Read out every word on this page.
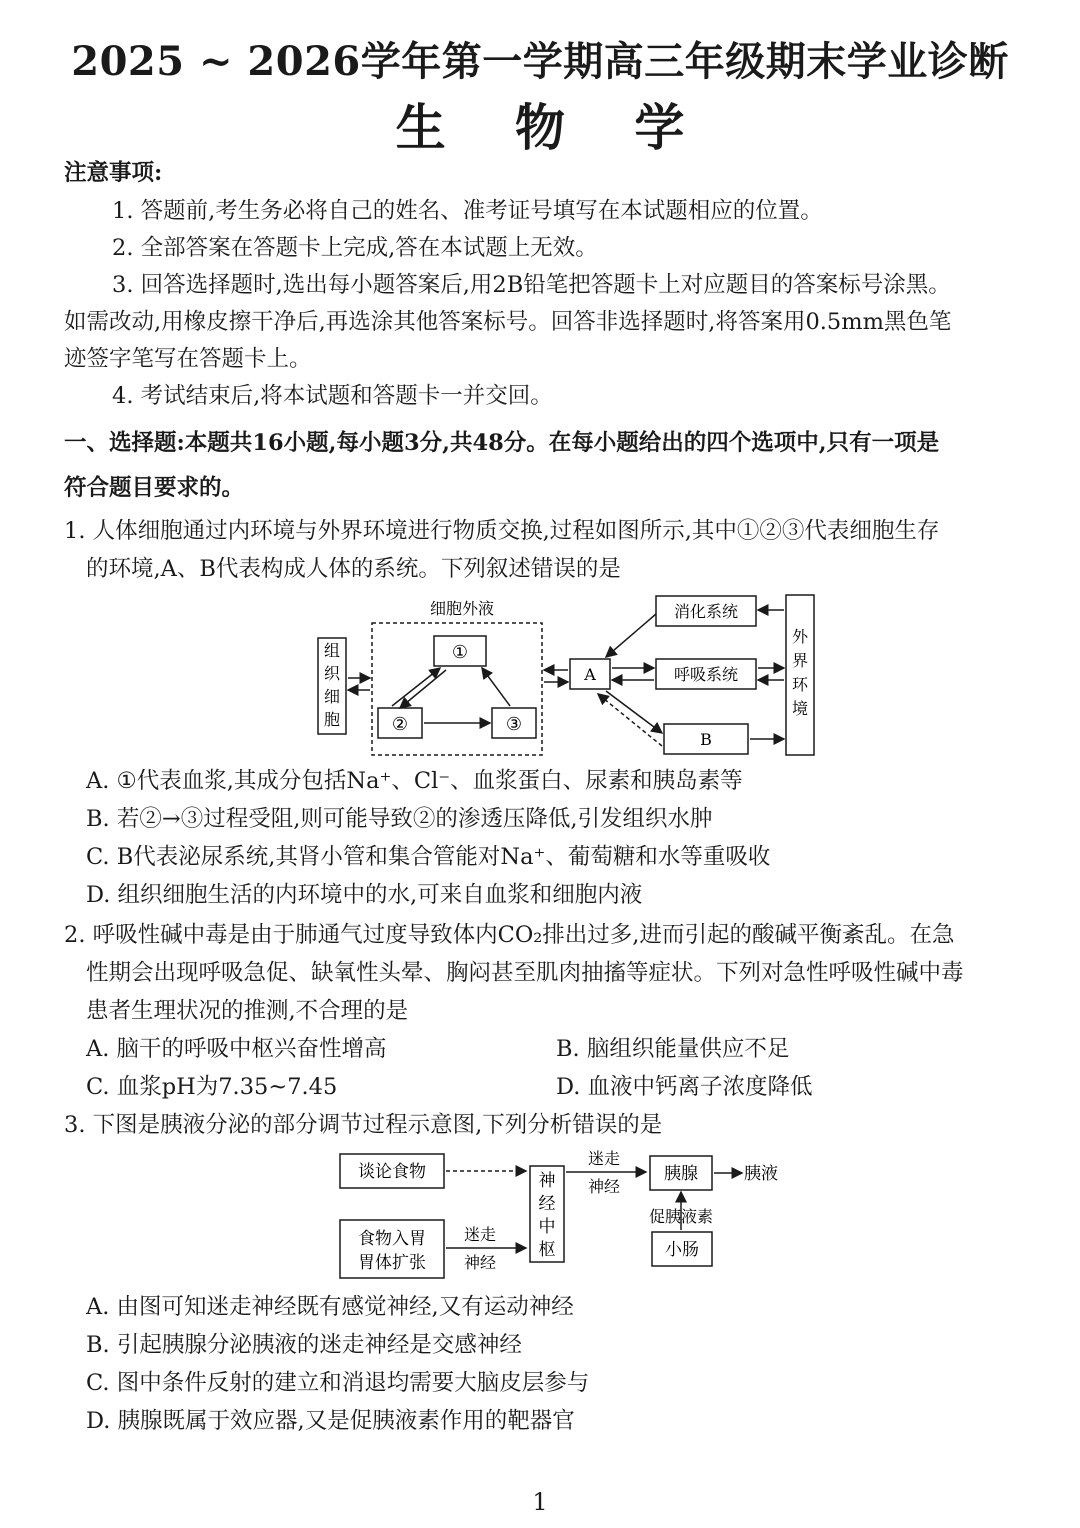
2025 ~ 2026学年第一学期高三年级期末学业诊断
生 物 学
注意事项:
1. 答题前,考生务必将自己的姓名、准考证号填写在本试题相应的位置。
2. 全部答案在答题卡上完成,答在本试题上无效。
3. 回答选择题时,选出每小题答案后,用2B铅笔把答题卡上对应题目的答案标号涂黑。
如需改动,用橡皮擦干净后,再选涂其他答案标号。回答非选择题时,将答案用0.5mm黑色笔
迹签字笔写在答题卡上。
4. 考试结束后,将本试题和答题卡一并交回。
一、选择题:本题共16小题,每小题3分,共48分。在每小题给出的四个选项中,只有一项是
符合题目要求的。
1. 人体细胞通过内环境与外界环境进行物质交换,过程如图所示,其中①②③代表细胞生存
的环境,A、B代表构成人体的系统。下列叙述错误的是
细胞外液
组
织
细
胞
①
②	③
A
消化系统
呼吸系统
B
外
界
环
境
A. ①代表血浆,其成分包括Na⁺、Cl⁻、血浆蛋白、尿素和胰岛素等
B. 若②→③过程受阻,则可能导致②的渗透压降低,引发组织水肿
C. B代表泌尿系统,其肾小管和集合管能对Na⁺、葡萄糖和水等重吸收
D. 组织细胞生活的内环境中的水,可来自血浆和细胞内液
2. 呼吸性碱中毒是由于肺通气过度导致体内CO₂排出过多,进而引起的酸碱平衡紊乱。在急
性期会出现呼吸急促、缺氧性头晕、胸闷甚至肌肉抽搐等症状。下列对急性呼吸性碱中毒
患者生理状况的推测,不合理的是
A. 脑干的呼吸中枢兴奋性增高	B. 脑组织能量供应不足
C. 血浆pH为7.35~7.45	D. 血液中钙离子浓度降低
3. 下图是胰液分泌的部分调节过程示意图,下列分析错误的是
谈论食物
食物入胃
胃体扩张
迷走
神经
神
经
中
枢
迷走
神经
胰腺	胰液
促胰液素
小肠
A. 由图可知迷走神经既有感觉神经,又有运动神经
B. 引起胰腺分泌胰液的迷走神经是交感神经
C. 图中条件反射的建立和消退均需要大脑皮层参与
D. 胰腺既属于效应器,又是促胰液素作用的靶器官
1
